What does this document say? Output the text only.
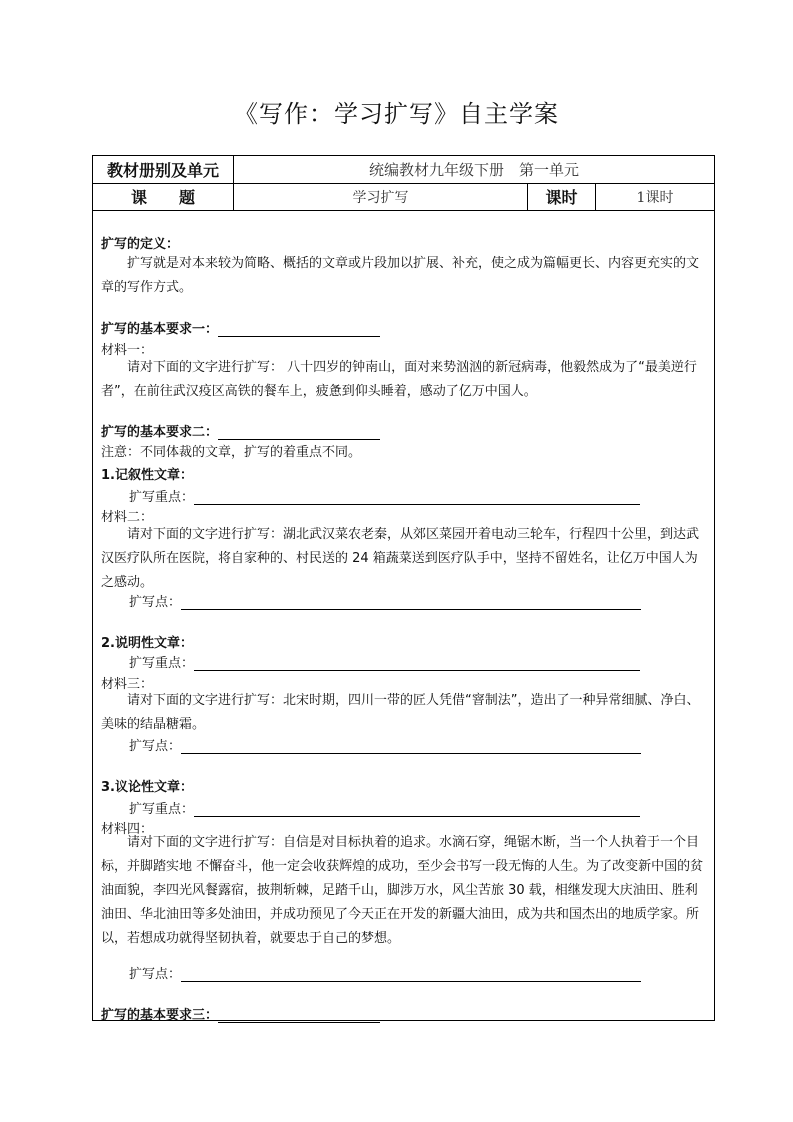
《写作：学习扩写》自主学案
教材册别及单元	统编教材九年级下册　第一单元
课　　题	学习扩写	课时	1课时
扩写的定义：
扩写就是对本来较为简略、概括的文章或片段加以扩展、补充，使之成为篇幅更长、内容更充实的文章的写作方式。
扩写的基本要求一：
材料一：
请对下面的文字进行扩写： 八十四岁的钟南山，面对来势汹汹的新冠病毒，他毅然成为了“最美逆行者”，在前往武汉疫区高铁的餐车上，疲惫到仰头睡着，感动了亿万中国人。
扩写的基本要求二：
注意：不同体裁的文章，扩写的着重点不同。
1.记叙性文章：
扩写重点：
材料二：
请对下面的文字进行扩写：湖北武汉菜农老秦，从郊区菜园开着电动三轮车，行程四十公里，到达武汉医疗队所在医院，将自家种的、村民送的 24 箱蔬菜送到医疗队手中，坚持不留姓名，让亿万中国人为之感动。
扩写点：
2.说明性文章：
扩写重点：
材料三：
请对下面的文字进行扩写：北宋时期，四川一带的匠人凭借“窨制法”，造出了一种异常细腻、净白、美味的结晶糖霜。
扩写点：
3.议论性文章：
扩写重点：
材料四：
请对下面的文字进行扩写：自信是对目标执着的追求。水滴石穿，绳锯木断，当一个人执着于一个目标，并脚踏实地 不懈奋斗，他一定会收获辉煌的成功，至少会书写一段无悔的人生。为了改变新中国的贫油面貌，李四光风餐露宿，披荆斩棘，足踏千山，脚涉万水，风尘苦旅 30 载，相继发现大庆油田、胜利油田、华北油田等多处油田，并成功预见了今天正在开发的新疆大油田，成为共和国杰出的地质学家。所以，若想成功就得坚韧执着，就要忠于自己的梦想。
扩写点：
扩写的基本要求三：
